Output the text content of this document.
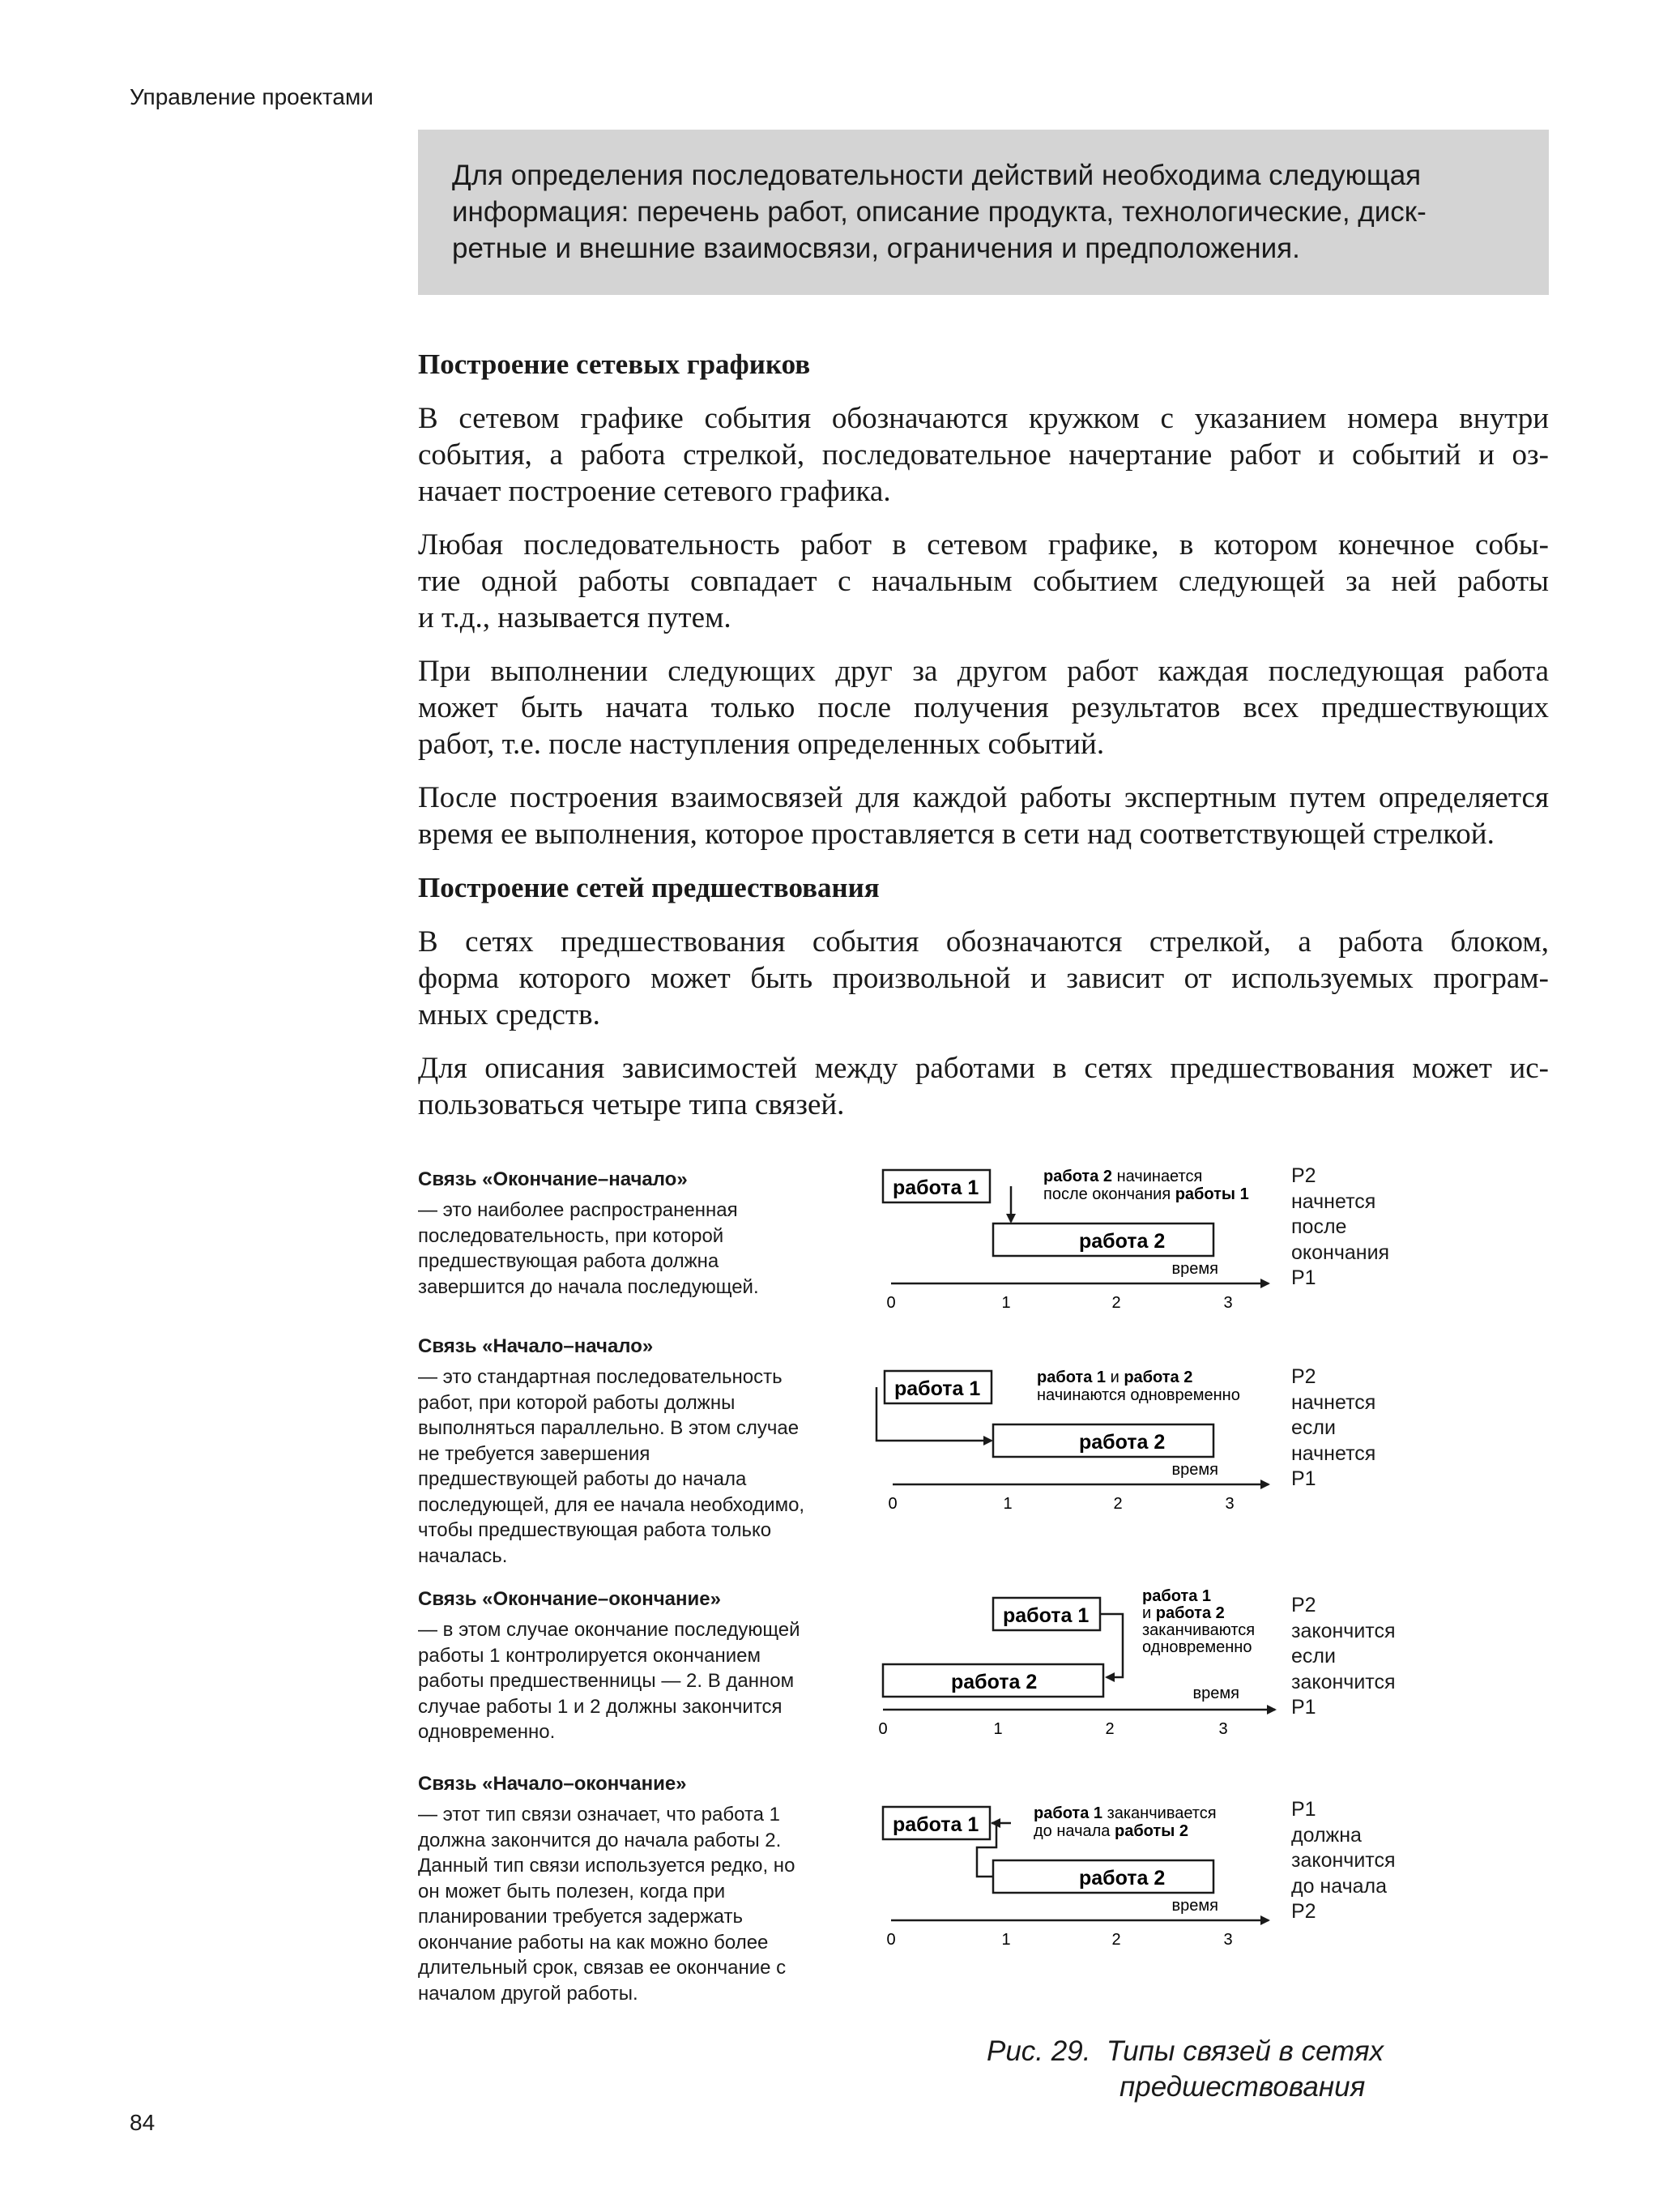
Управление проектами
Для определения последовательности действий необходима следующая
информация: перечень работ, описание продукта, технологические, диск-
ретные и внешние взаимосвязи, ограничения и предположения.
Построение сетевых графиков
В сетевом графике события обозначаются кружком с указанием номера внутри
события, а работа стрелкой, последовательное начертание работ и событий и оз-
начает построение сетевого графика.
Любая последовательность работ в сетевом графике, в котором конечное собы-
тие одной работы совпадает с начальным событием следующей за ней работы
и т.д., называется путем.
При выполнении следующих друг за другом работ каждая последующая работа
может быть начата только после получения результатов всех предшествующих
работ, т.е. после наступления определенных событий.
После построения взаимосвязей для каждой работы экспертным путем определяется
время ее выполнения, которое проставляется в сети над соответствующей стрелкой.
Построение сетей предшествования
В сетях предшествования события обозначаются стрелкой, а работа блоком,
форма которого может быть произвольной и зависит от используемых програм-
мных средств.
Для описания зависимостей между работами в сетях предшествования может ис-
пользоваться четыре типа связей.
Связь «Окончание–начало»
— это наиболее распространенная
последовательность, при которой
предшествующая работа должна
завершится до начала последующей.
работа 1
работа 2
работа 2 начинается после окончания работы 1
время
0	1	2	3
P2
начнется
после
окончания
P1
Связь «Начало–начало»
— это стандартная последовательность
работ, при которой работы должны
выполняться параллельно. В этом случае
не требуется завершения
предшествующей работы до начала
последующей, для ее начала необходимо,
чтобы предшествующая работа только
началась.
работа 1
работа 2
работа 1 и работа 2 начинаются одновременно
время
0	1	2	3
P2
начнется
если
начнется
P1
Связь «Окончание–окончание»
— в этом случае окончание последующей
работы 1 контролируется окончанием
работы предшественницы — 2. В данном
случае работы 1 и 2 должны закончится
одновременно.
работа 1
работа 2
работа 1 и работа 2 заканчиваются одновременно
время
0	1	2	3
P2
закончится
если
закончится
P1
Связь «Начало–окончание»
— этот тип связи означает, что работа 1
должна закончится до начала работы 2.
Данный тип связи используется редко, но
он может быть полезен, когда при
планировании требуется задержать
окончание работы на как можно более
длительный срок, связав ее окончание с
началом другой работы.
работа 1
работа 2
работа 1 заканчивается до начала работы 2
время
0	1	2	3
P1
должна
закончится
до начала
P2
Рис. 29.  Типы связей в сетях
предшествования
84
